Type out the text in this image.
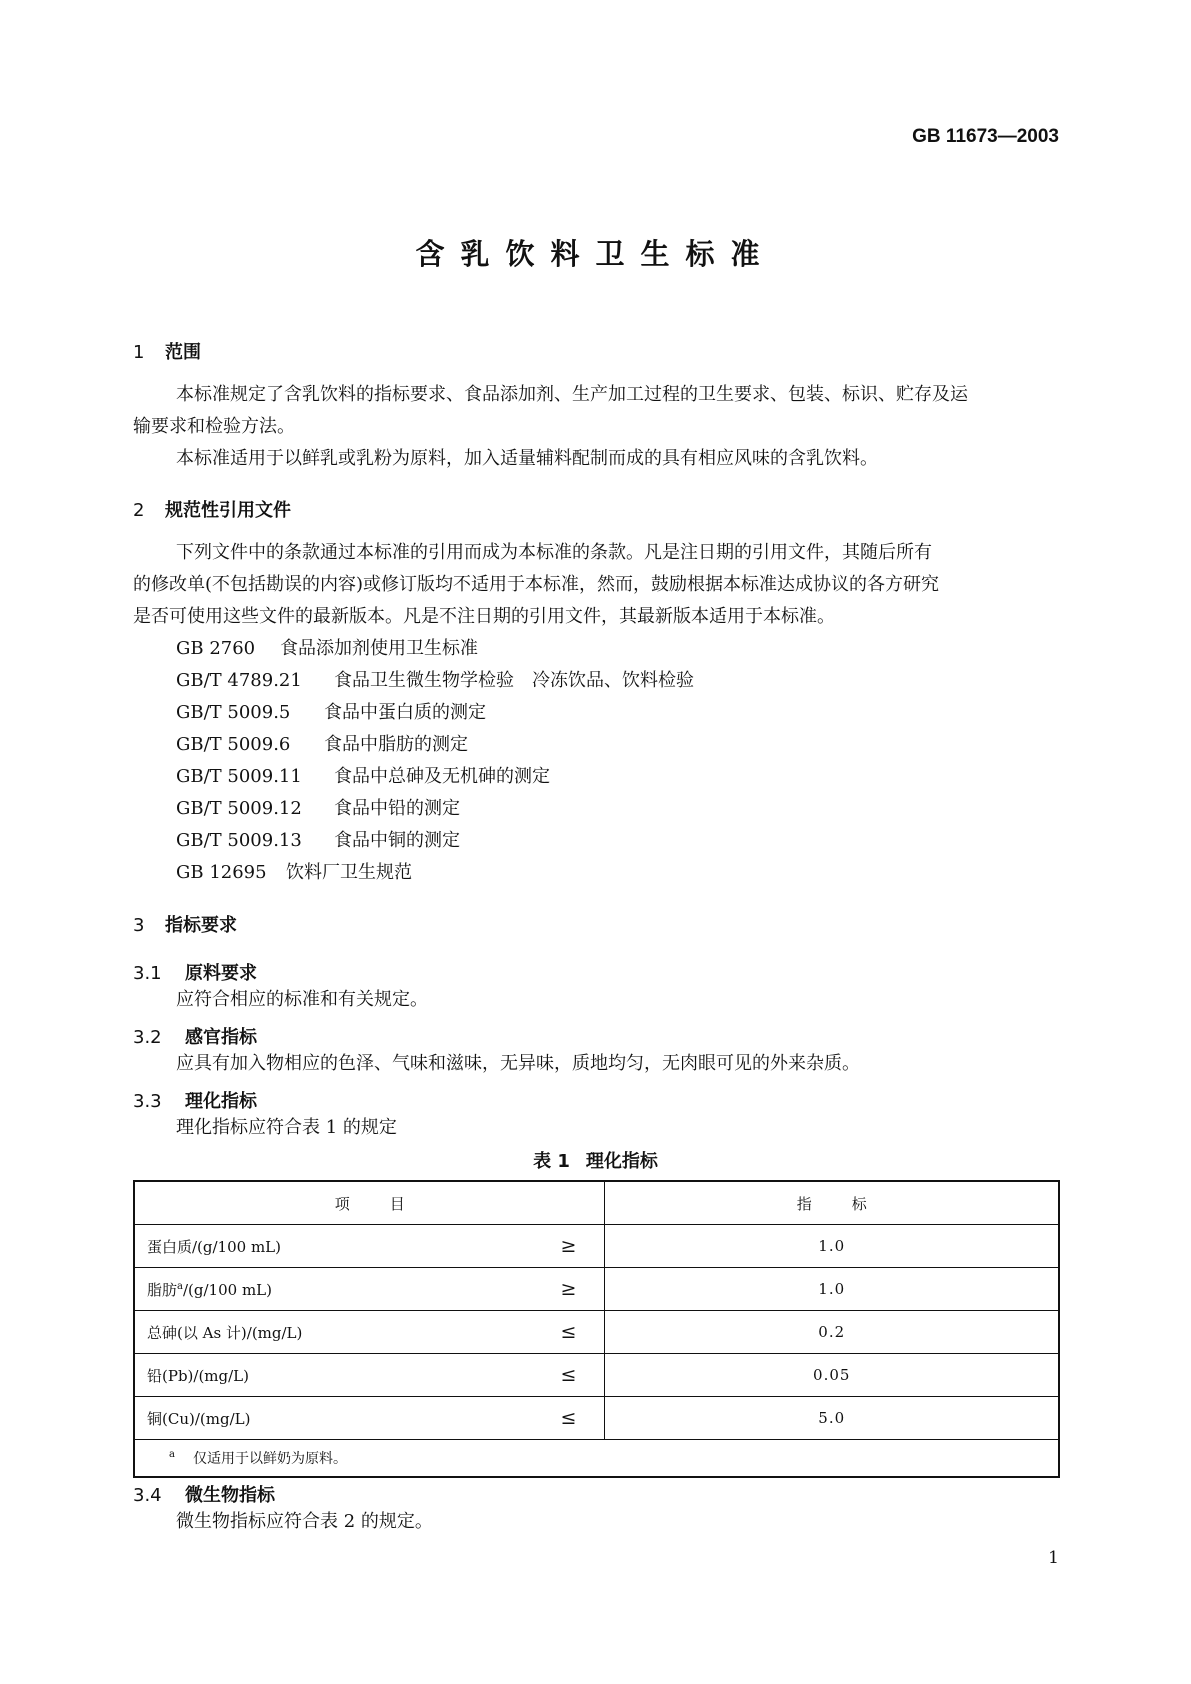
GB 11673—2003
含乳饮料卫生标准
1 范围
本标准规定了含乳饮料的指标要求、食品添加剂、生产加工过程的卫生要求、包装、标识、贮存及运
输要求和检验方法。
本标准适用于以鲜乳或乳粉为原料，加入适量辅料配制而成的具有相应风味的含乳饮料。
2 规范性引用文件
下列文件中的条款通过本标准的引用而成为本标准的条款。凡是注日期的引用文件，其随后所有
的修改单(不包括勘误的内容)或修订版均不适用于本标准，然而，鼓励根据本标准达成协议的各方研究
是否可使用这些文件的最新版本。凡是不注日期的引用文件，其最新版本适用于本标准。
GB 2760 食品添加剂使用卫生标准
GB/T 4789.21 食品卫生微生物学检验　冷冻饮品、饮料检验
GB/T 5009.5 食品中蛋白质的测定
GB/T 5009.6 食品中脂肪的测定
GB/T 5009.11 食品中总砷及无机砷的测定
GB/T 5009.12 食品中铅的测定
GB/T 5009.13 食品中铜的测定
GB 12695 饮料厂卫生规范
3 指标要求
3.1 原料要求
应符合相应的标准和有关规定。
3.2 感官指标
应具有加入物相应的色泽、气味和滋味，无异味，质地均匀，无肉眼可见的外来杂质。
3.3 理化指标
理化指标应符合表 1 的规定
表 1 理化指标
项目	指标
蛋白质/(g/100 mL) ≥	1.0
脂肪$^a$/(g/100 mL) ≥	1.0
总砷(以 As 计)/(mg/L) ≤	0.2
铅(Pb)/(mg/L) ≤	0.05
铜(Cu)/(mg/L) ≤	5.0
$^a$ 仅适用于以鲜奶为原料。	
3.4 微生物指标
微生物指标应符合表 2 的规定。
1
